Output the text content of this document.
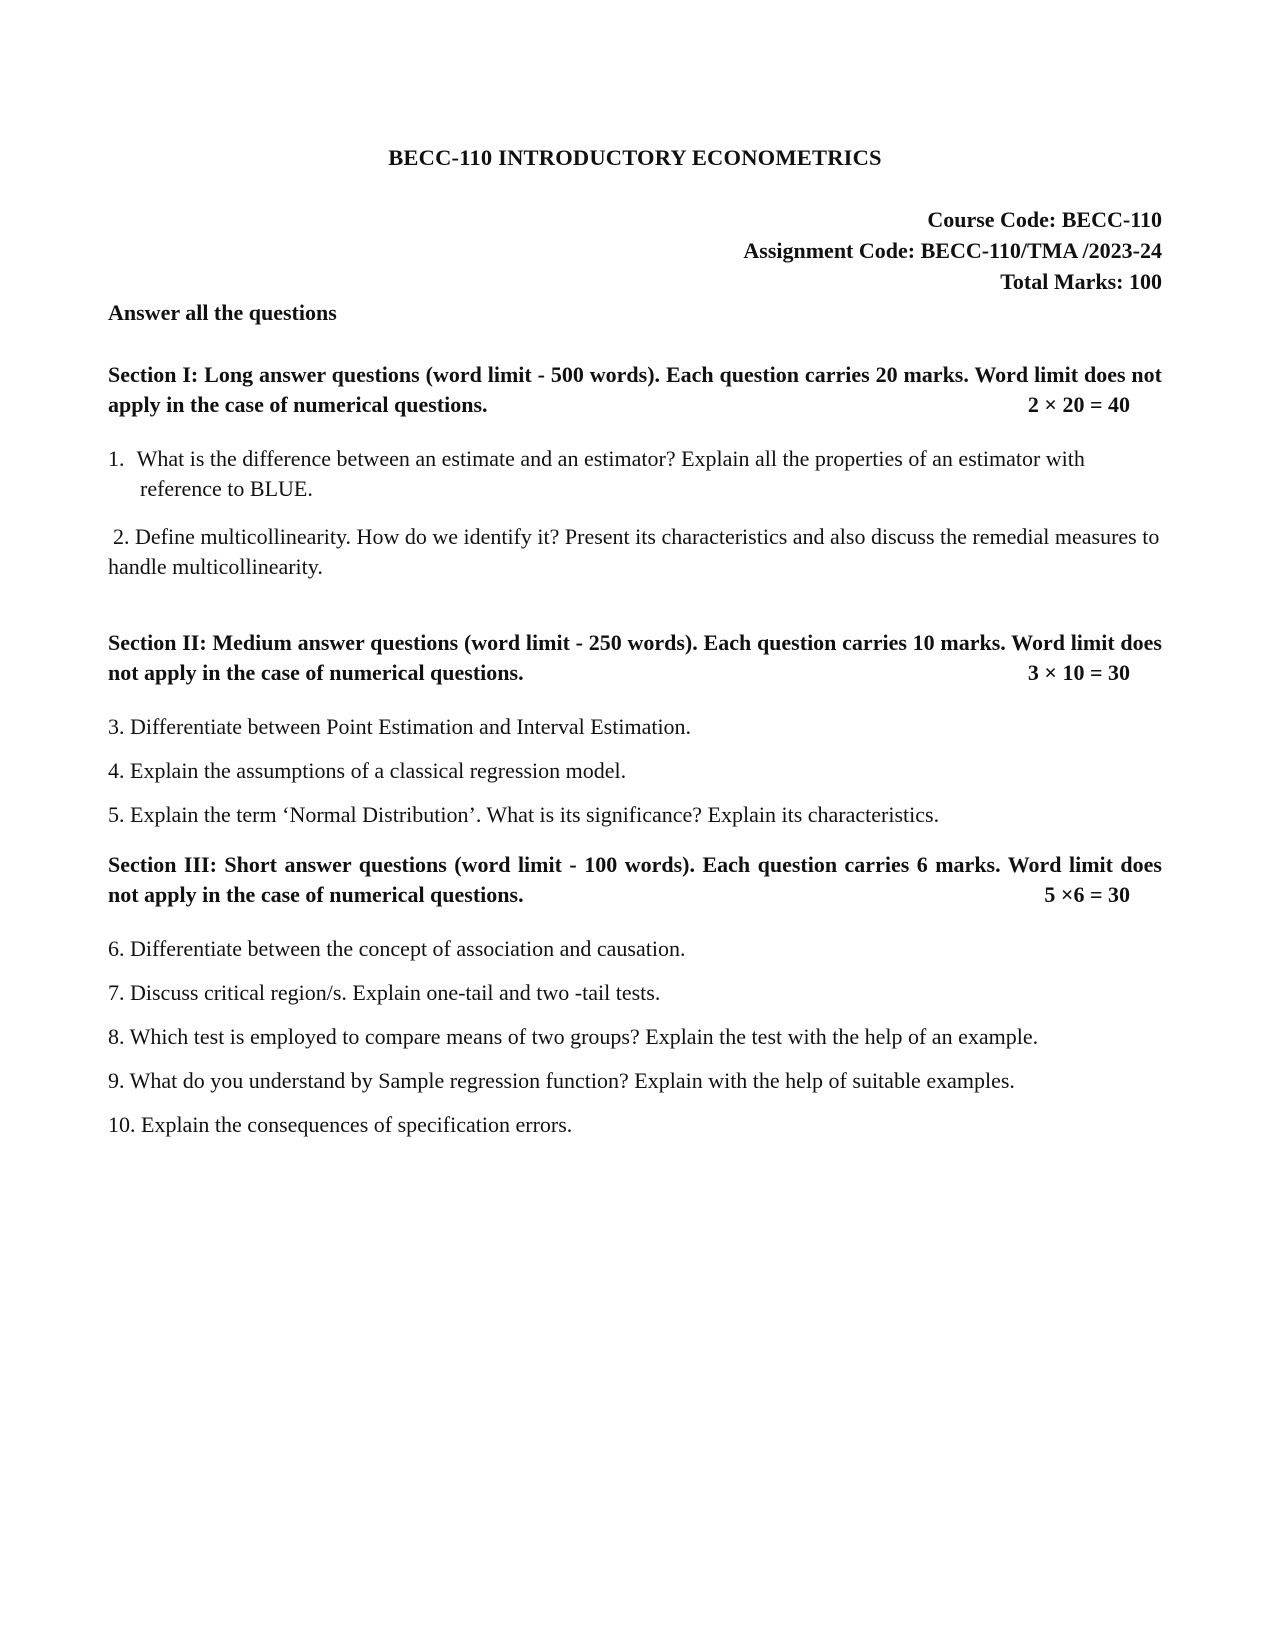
BECC-110 INTRODUCTORY ECONOMETRICS
Course Code: BECC-110
Assignment Code: BECC-110/TMA /2023-24
Total Marks: 100
Answer all the questions
Section I: Long answer questions (word limit - 500 words). Each question carries 20 marks. Word limit does not apply in the case of numerical questions.	2 × 20 = 40

1. What is the difference between an estimate and an estimator? Explain all the properties of an estimator with reference to BLUE.

2. Define multicollinearity. How do we identify it? Present its characteristics and also discuss the remedial measures to handle multicollinearity.

Section II: Medium answer questions (word limit - 250 words). Each question carries 10 marks. Word limit does not apply in the case of numerical questions.	3 × 10 = 30

3. Differentiate between Point Estimation and Interval Estimation.

4. Explain the assumptions of a classical regression model.

5. Explain the term ‘Normal Distribution’. What is its significance? Explain its characteristics.

Section III: Short answer questions (word limit - 100 words). Each question carries 6 marks. Word limit does not apply in the case of numerical questions.	5 ×6 = 30

6. Differentiate between the concept of association and causation.

7. Discuss critical region/s. Explain one-tail and two -tail tests.

8. Which test is employed to compare means of two groups? Explain the test with the help of an example.

9. What do you understand by Sample regression function? Explain with the help of suitable examples.

10. Explain the consequences of specification errors.
